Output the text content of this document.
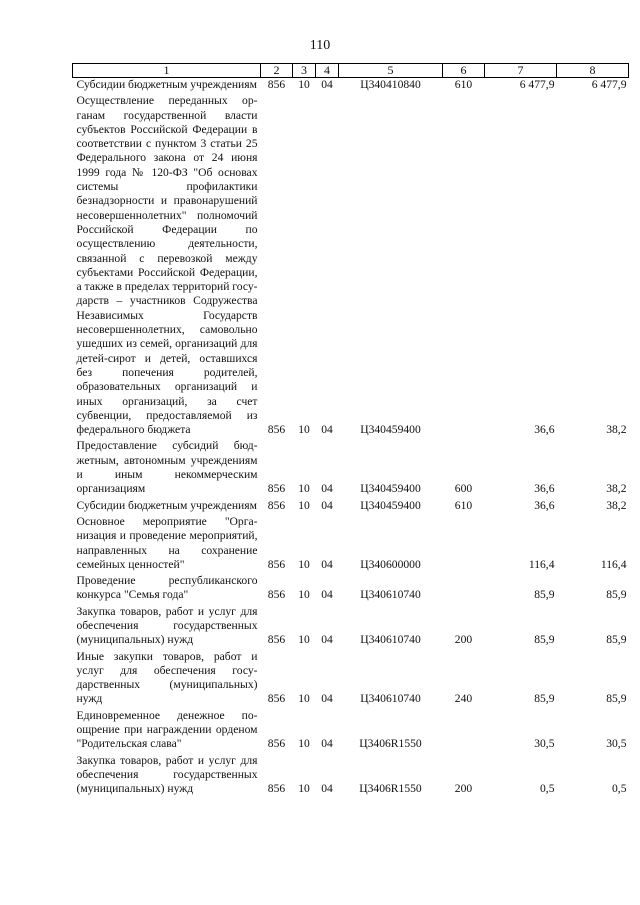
110
1	2	3	4	5	6	7	8
Субсидии бюджетным учреждениям	856	10	04	Ц340410840	610	6 477,9	6 477,9
Осуществление переданных органам государственной власти субъектов Российской Федерации в соответствии с пунктом 3 статьи 25 Федерального закона от 24 июня 1999 года № 120-ФЗ "Об основах системы профилактики безнадзорности и правонарушений несовершеннолетних" полномочий Российской Федерации по осуществлению деятельности, связанной с перевозкой между субъектами Российской Федерации, а также в пределах территорий государств – участников Содружества Независимых Государств несовершеннолетних, самовольно ушедших из семей, организаций для детей-сирот и детей, оставшихся без попечения родителей, образовательных организаций и иных организаций, за счет субвенции, предоставляемой из федерального бюджета	856	10	04	Ц340459400		36,6	38,2
Предоставление субсидий бюджетным, автономным учреждениям и иным некоммерческим организациям	856	10	04	Ц340459400	600	36,6	38,2
Субсидии бюджетным учреждениям	856	10	04	Ц340459400	610	36,6	38,2
Основное мероприятие "Организация и проведение мероприятий, направленных на сохранение семейных ценностей"	856	10	04	Ц340600000		116,4	116,4
Проведение республиканского конкурса "Семья года"	856	10	04	Ц340610740		85,9	85,9
Закупка товаров, работ и услуг для обеспечения государственных (муниципальных) нужд	856	10	04	Ц340610740	200	85,9	85,9
Иные закупки товаров, работ и услуг для обеспечения государственных (муниципальных) нужд	856	10	04	Ц340610740	240	85,9	85,9
Единовременное денежное поощрение при награждении орденом "Родительская слава"	856	10	04	Ц3406R1550		30,5	30,5
Закупка товаров, работ и услуг для обеспечения государственных (муниципальных) нужд	856	10	04	Ц3406R1550	200	0,5	0,5
